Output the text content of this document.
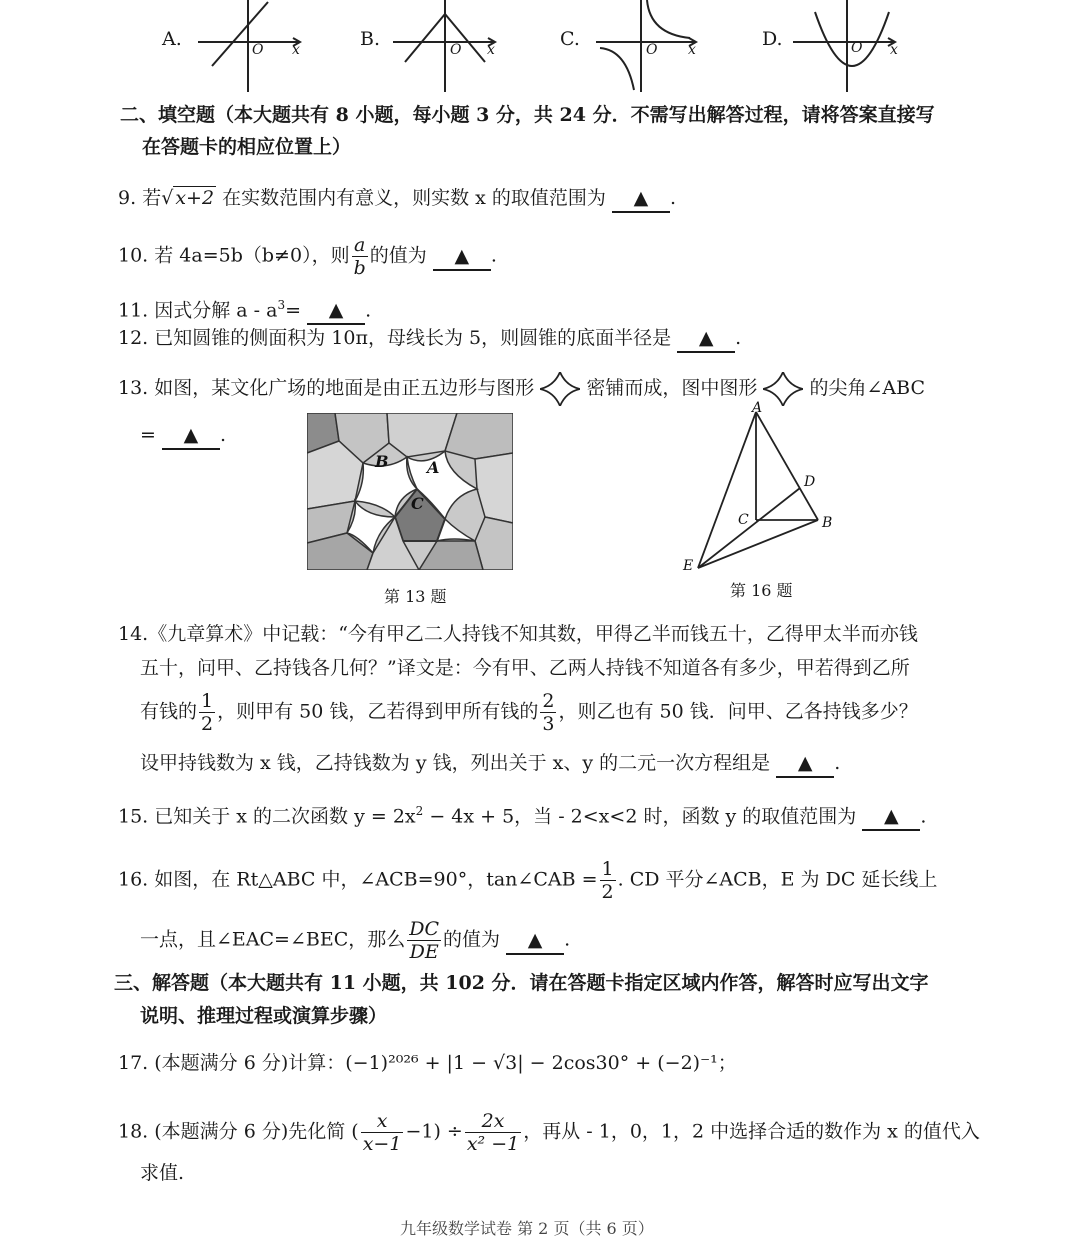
A.	B.	C.	D.
O x	O x	O x	O x
二、填空题（本大题共有 8 小题，每小题 3 分，共 24 分．不需写出解答过程，请将答案直接写
在答题卡的相应位置上）
9. 若√ x+2 在实数范围内有意义，则实数 x 的取值范围为 ▲ .
10. 若 4a=5b（b≠0），则 $\frac{a}{b}$ 的值为 ▲ .
11. 因式分解 $a - a^3=$ ▲ .
12. 已知圆锥的侧面积为 10π，母线长为 5，则圆锥的底面半径是 ▲ .
13. 如图，某文化广场的地面是由正五边形与图形	密铺而成，图中图形	的尖角∠ABC
= ▲ .
B A
C
第 13 题
A
D
C	B
E
第 16 题
14.《九章算术》中记载：“今有甲乙二人持钱不知其数，甲得乙半而钱五十，乙得甲太半而亦钱
五十，问甲、乙持钱各几何？”译文是：今有甲、乙两人持钱不知道各有多少，甲若得到乙所
有钱的 $\frac{1}{2}$ ，则甲有 50 钱，乙若得到甲所有钱的 $\frac{2}{3}$ ，则乙也有 50 钱．问甲、乙各持钱多少？
设甲持钱数为 x 钱，乙持钱数为 y 钱，列出关于 x、y 的二元一次方程组是 ▲ .
15. 已知关于 x 的二次函数 $y = 2x^2 - 4x + 5$，当 - 2<x<2 时，函数 y 的取值范围为 ▲ .
16. 如图，在 Rt△ABC 中，∠ACB=90°，tan∠CAB = $\frac{1}{2}$ . CD 平分∠ACB，E 为 DC 延长线上
一点，且∠EAC=∠BEC，那么 $\frac{DC}{DE}$ 的值为 ▲ .
三、解答题（本大题共有 11 小题，共 102 分．请在答题卡指定区域内作答，解答时应写出文字
说明、推理过程或演算步骤）
17. (本题满分 6 分)计算：(−1)²⁰²⁶ + |1 − √3| − 2cos30° + (−2)⁻¹；
18. (本题满分 6 分)先化简 ( $\frac{x}{x-1} -1) \div \frac{2x}{\text{x² −1}}$ ，再从 - 1，0，1，2 中选择合适的数作为 x 的值代入
求值.
九年级数学试卷 第 2 页（共 6 页）
